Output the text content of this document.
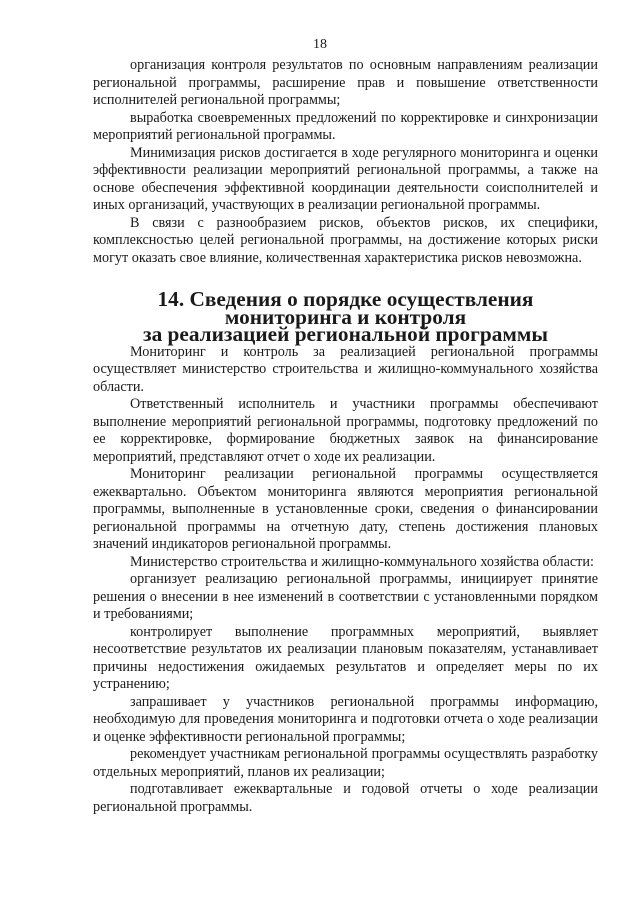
18

организация контроля результатов по основным направлениям реализации региональной программы, расширение прав и повышение ответственности исполнителей региональной программы;

выработка своевременных предложений по корректировке и синхронизации мероприятий региональной программы.

Минимизация рисков достигается в ходе регулярного мониторинга и оценки эффективности реализации мероприятий региональной программы, а также на основе обеспечения эффективной координации деятельности соисполнителей и иных организаций, участвующих в реализации региональной программы.

В связи с разнообразием рисков, объектов рисков, их специфики, комплексностью целей региональной программы, на достижение которых риски могут оказать свое влияние, количественная характеристика рисков невозможна.

14. Сведения о порядке осуществления мониторинга и контроля
за реализацией региональной программы

Мониторинг и контроль за реализацией региональной программы осуществляет министерство строительства и жилищно-коммунального хозяйства области.

Ответственный исполнитель и участники программы обеспечивают выполнение мероприятий региональной программы, подготовку предложений по ее корректировке, формирование бюджетных заявок на финансирование мероприятий, представляют отчет о ходе их реализации.

Мониторинг реализации региональной программы осуществляется ежеквартально. Объектом мониторинга являются мероприятия региональной программы, выполненные в установленные сроки, сведения о финансировании региональной программы на отчетную дату, степень достижения плановых значений индикаторов региональной программы.

Министерство строительства и жилищно-коммунального хозяйства области:

организует реализацию региональной программы, инициирует принятие решения о внесении в нее изменений в соответствии с установленными порядком и требованиями;

контролирует выполнение программных мероприятий, выявляет несоответствие результатов их реализации плановым показателям, устанавливает причины недостижения ожидаемых результатов и определяет меры по их устранению;

запрашивает у участников региональной программы информацию, необходимую для проведения мониторинга и подготовки отчета о ходе реализации и оценке эффективности региональной программы;

рекомендует участникам региональной программы осуществлять разработку отдельных мероприятий, планов их реализации;

подготавливает ежеквартальные и годовой отчеты о ходе реализации региональной программы.
